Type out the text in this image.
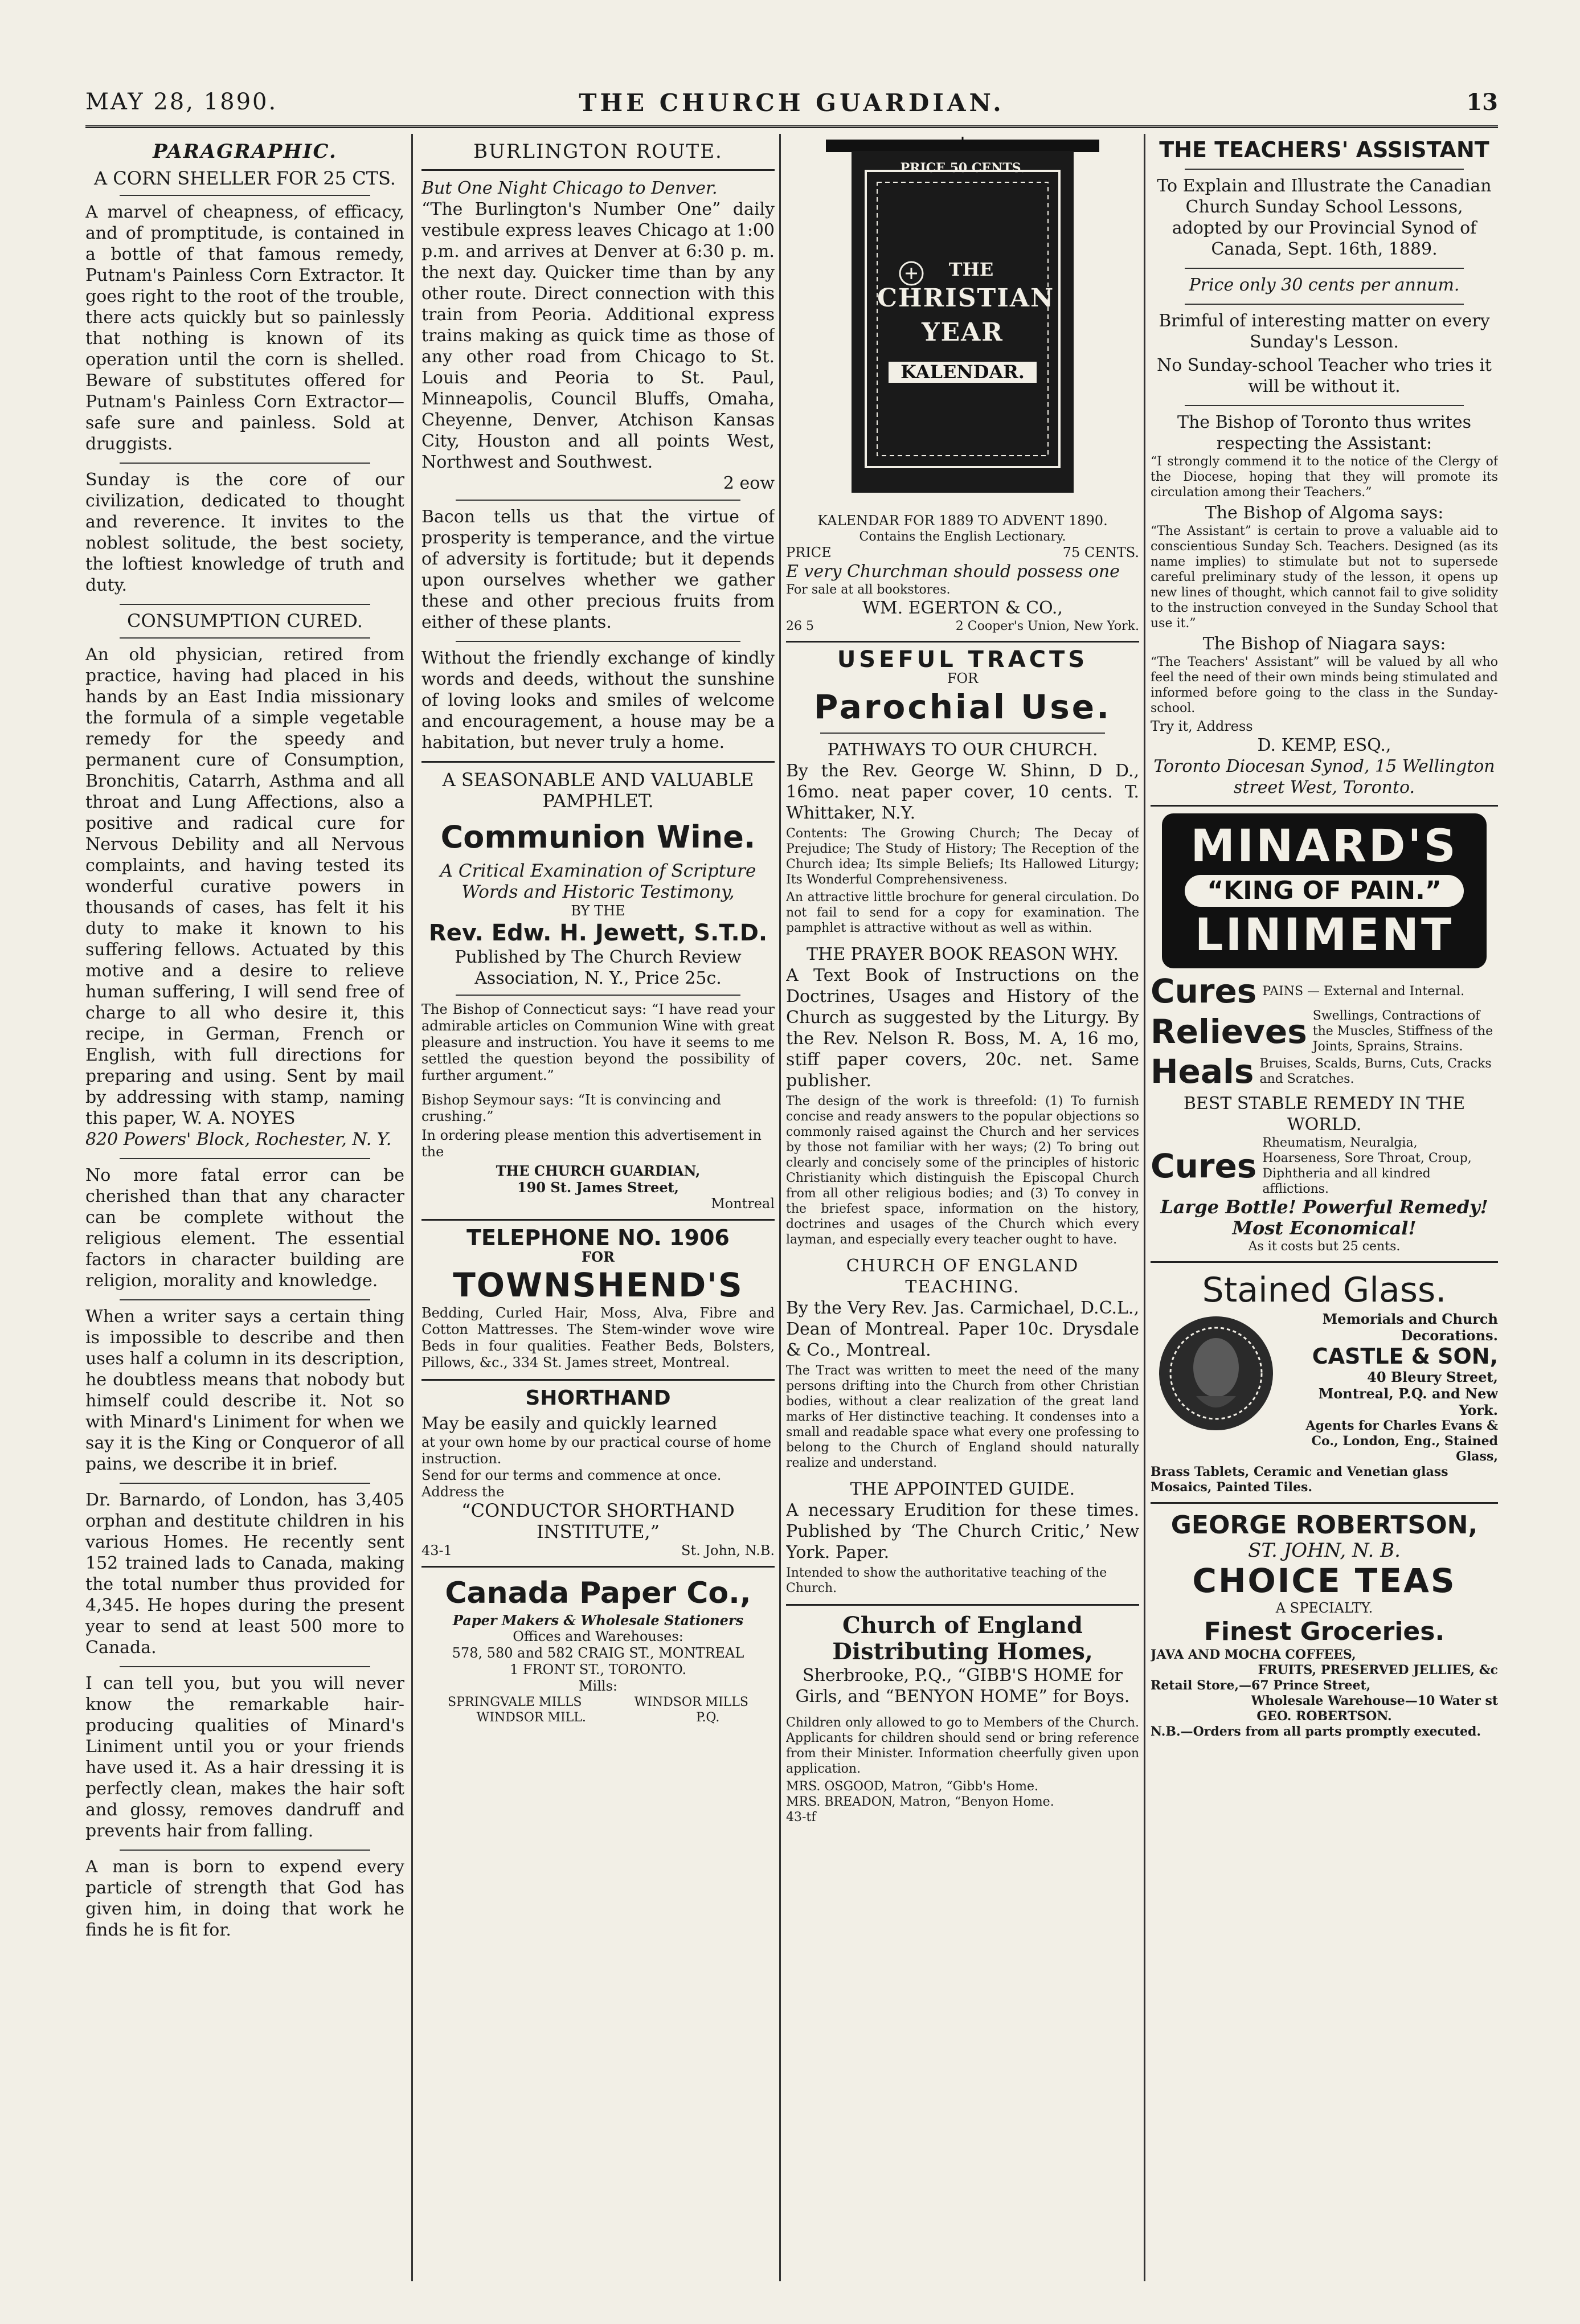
MAY 28, 1890.	THE CHURCH GUARDIAN.	13
PARAGRAPHIC.
A CORN SHELLER FOR 25 CTS.

A marvel of cheapness, of efficacy, and of promptitude, is contained in a bottle of that famous remedy, Putnam's Painless Corn Extractor. It goes right to the root of the trouble, there acts quickly but so painlessly that nothing is known of its operation until the corn is shelled. Beware of substitutes offered for Putnam's Painless Corn Extractor—safe sure and painless. Sold at druggists.

Sunday is the core of our civilization, dedicated to thought and reverence. It invites to the noblest solitude, the best society, the loftiest knowledge of truth and duty.

CONSUMPTION CURED.

An old physician, retired from practice, having had placed in his hands by an East India missionary the formula of a simple vegetable remedy for the speedy and permanent cure of Consumption, Bronchitis, Catarrh, Asthma and all throat and Lung Affections, also a positive and radical cure for Nervous Debility and all Nervous complaints, and having tested its wonderful curative powers in thousands of cases, has felt it his duty to make it known to his suffering fellows. Actuated by this motive and a desire to relieve human suffering, I will send free of charge to all who desire it, this recipe, in German, French or English, with full directions for preparing and using. Sent by mail by addressing with stamp, naming this paper, W. A. NOYES

820 Powers' Block, Rochester, N. Y.

No more fatal error can be cherished than that any character can be complete without the religious element. The essential factors in character building are religion, morality and knowledge.

When a writer says a certain thing is impossible to describe and then uses half a column in its description, he doubtless means that nobody but himself could describe it. Not so with Minard's Liniment for when we say it is the King or Conqueror of all pains, we describe it in brief.

Dr. Barnardo, of London, has 3,405 orphan and destitute children in his various Homes. He recently sent 152 trained lads to Canada, making the total number thus provided for 4,345. He hopes during the present year to send at least 500 more to Canada.

I can tell you, but you will never know the remarkable hair-producing qualities of Minard's Liniment until you or your friends have used it. As a hair dressing it is perfectly clean, makes the hair soft and glossy, removes dandruff and prevents hair from falling.

A man is born to expend every particle of strength that God has given him, in doing that work he finds he is fit for.

BURLINGTON ROUTE.
But One Night Chicago to Denver.

“The Burlington's Number One” daily vestibule express leaves Chicago at 1:00 p.m. and arrives at Denver at 6:30 p. m. the next day. Quicker time than by any other route. Direct connection with this train from Peoria. Additional express trains making as quick time as those of any other road from Chicago to St. Louis and Peoria to St. Paul, Minneapolis, Council Bluffs, Omaha, Cheyenne, Denver, Atchison Kansas City, Houston and all points West, Northwest and Southwest.

2 eow

Bacon tells us that the virtue of prosperity is temperance, and the virtue of adversity is fortitude; but it depends upon ourselves whether we gather these and other precious fruits from either of these plants.

Without the friendly exchange of kindly words and deeds, without the sunshine of loving looks and smiles of welcome and encouragement, a house may be a habitation, but never truly a home.

A SEASONABLE AND VALUABLE PAMPHLET.
Communion Wine.
A Critical Examination of Scripture Words and Historic Testimony,
BY THE
Rev. Edw. H. Jewett, S.T.D.
Published by The Church Review Association, N. Y., Price 25c.

The Bishop of Connecticut says: “I have read your admirable articles on Communion Wine with great pleasure and instruction. You have it seems to me settled the question beyond the possibility of further argument.”

Bishop Seymour says: “It is convincing and crushing.”

In ordering please mention this advertisement in the

THE CHURCH GUARDIAN,
190 St. James Street,
Montreal
TELEPHONE NO. 1906
FOR
TOWNSHEND'S

Bedding, Curled Hair, Moss, Alva, Fibre and Cotton Mattresses. The Stem-winder wove wire Beds in four qualities. Feather Beds, Bolsters, Pillows, &c., 334 St. James street, Montreal.

SHORTHAND
May be easily and quickly learned
at your own home by our practical course of home instruction.
Send for our terms and commence at once.
Address the
“CONDUCTOR SHORTHAND INSTITUTE,”
43-1	St. John, N.B.
Canada Paper Co.,
Paper Makers & Wholesale Stationers
Offices and Warehouses:
578, 580 and 582 CRAIG ST., MONTREAL
1 FRONT ST., TORONTO.
Mills:
SPRINGVALE MILLS	WINDSOR MILLS
WINDSOR MILL.	P.Q.
PRICE 50 CENTS.
THE
CHRISTIAN
YEAR
KALENDAR.
KALENDAR FOR 1889 TO ADVENT 1890.
Contains the English Lectionary.
PRICE	75 CENTS.
E very Churchman should possess one
For sale at all bookstores.
WM. EGERTON & CO.,
26 5	2 Cooper's Union, New York.
USEFUL TRACTS
FOR
Parochial Use.
PATHWAYS TO OUR CHURCH.

By the Rev. George W. Shinn, D D., 16mo. neat paper cover, 10 cents. T. Whittaker, N.Y.

Contents: The Growing Church; The Decay of Prejudice; The Study of History; The Reception of the Church idea; Its simple Beliefs; Its Hallowed Liturgy; Its Wonderful Comprehensiveness.

An attractive little brochure for general circulation. Do not fail to send for a copy for examination. The pamphlet is attractive without as well as within.

THE PRAYER BOOK REASON WHY.

A Text Book of Instructions on the Doctrines, Usages and History of the Church as suggested by the Liturgy. By the Rev. Nelson R. Boss, M. A, 16 mo, stiff paper covers, 20c. net. Same publisher.

The design of the work is threefold: (1) To furnish concise and ready answers to the popular objections so commonly raised against the Church and her services by those not familiar with her ways; (2) To bring out clearly and concisely some of the principles of historic Christianity which distinguish the Episcopal Church from all other religious bodies; and (3) To convey in the briefest space, information on the history, doctrines and usages of the Church which every layman, and especially every teacher ought to have.

CHURCH OF ENGLAND TEACHING.

By the Very Rev. Jas. Carmichael, D.C.L., Dean of Montreal. Paper 10c. Drysdale & Co., Montreal.

The Tract was written to meet the need of the many persons drifting into the Church from other Christian bodies, without a clear realization of the great land marks of Her distinctive teaching. It condenses into a small and readable space what every one professing to belong to the Church of England should naturally realize and understand.

THE APPOINTED GUIDE.

A necessary Erudition for these times. Published by ‘The Church Critic,’ New York. Paper.

Intended to show the authoritative teaching of the Church.

Church of England Distributing Homes,

Sherbrooke, P.Q., “GIBB'S HOME for Girls, and “BENYON HOME” for Boys.

Children only allowed to go to Members of the Church. Applicants for children should send or bring reference from their Minister. Information cheerfully given upon application.

MRS. OSGOOD, Matron, “Gibb's Home.
MRS. BREADON, Matron, “Benyon Home.
43-tf
THE TEACHERS' ASSISTANT

To Explain and Illustrate the Canadian Church Sunday School Lessons, adopted by our Provincial Synod of Canada, Sept. 16th, 1889.

Price only 30 cents per annum.

Brimful of interesting matter on every Sunday's Lesson.

No Sunday-school Teacher who tries it will be without it.

The Bishop of Toronto thus writes respecting the Assistant:

“I strongly commend it to the notice of the Clergy of the Diocese, hoping that they will promote its circulation among their Teachers.”

The Bishop of Algoma says:

“The Assistant” is certain to prove a valuable aid to conscientious Sunday Sch. Teachers. Designed (as its name implies) to stimulate but not to supersede careful preliminary study of the lesson, it opens up new lines of thought, which cannot fail to give solidity to the instruction conveyed in the Sunday School that use it.”

The Bishop of Niagara says:

“The Teachers' Assistant” will be valued by all who feel the need of their own minds being stimulated and informed before going to the class in the Sunday-school.

Try it, Address
D. KEMP, ESQ.,
Toronto Diocesan Synod, 15 Wellington street West, Toronto.
MINARD'S
“KING OF PAIN.”
LINIMENT
Cures PAINS — External and Internal.
Relieves Swellings, Contractions of the Muscles, Stiffness of the Joints, Sprains, Strains.
Heals Bruises, Scalds, Burns, Cuts, Cracks and Scratches.
BEST STABLE REMEDY IN THE WORLD.
Cures
Rheumatism, Neuralgia, Hoarseness, Sore Throat, Croup, Diphtheria and all kindred afflictions.
Large Bottle! Powerful Remedy! Most Economical!
As it costs but 25 cents.
Stained Glass.
Memorials and Church Decorations.
CASTLE & SON,
40 Bleury Street, Montreal, P.Q. and New York.
Agents for Charles Evans & Co., London, Eng., Stained Glass,
Brass Tablets, Ceramic and Venetian glass Mosaics, Painted Tiles.
GEORGE ROBERTSON,
ST. JOHN, N. B.
CHOICE TEAS
A SPECIALTY.
Finest Groceries.
JAVA AND MOCHA COFFEES,
FRUITS, PRESERVED JELLIES, &c
Retail Store,—67 Prince Street,
Wholesale Warehouse—10 Water st
GEO. ROBERTSON.
N.B.—Orders from all parts promptly executed.
